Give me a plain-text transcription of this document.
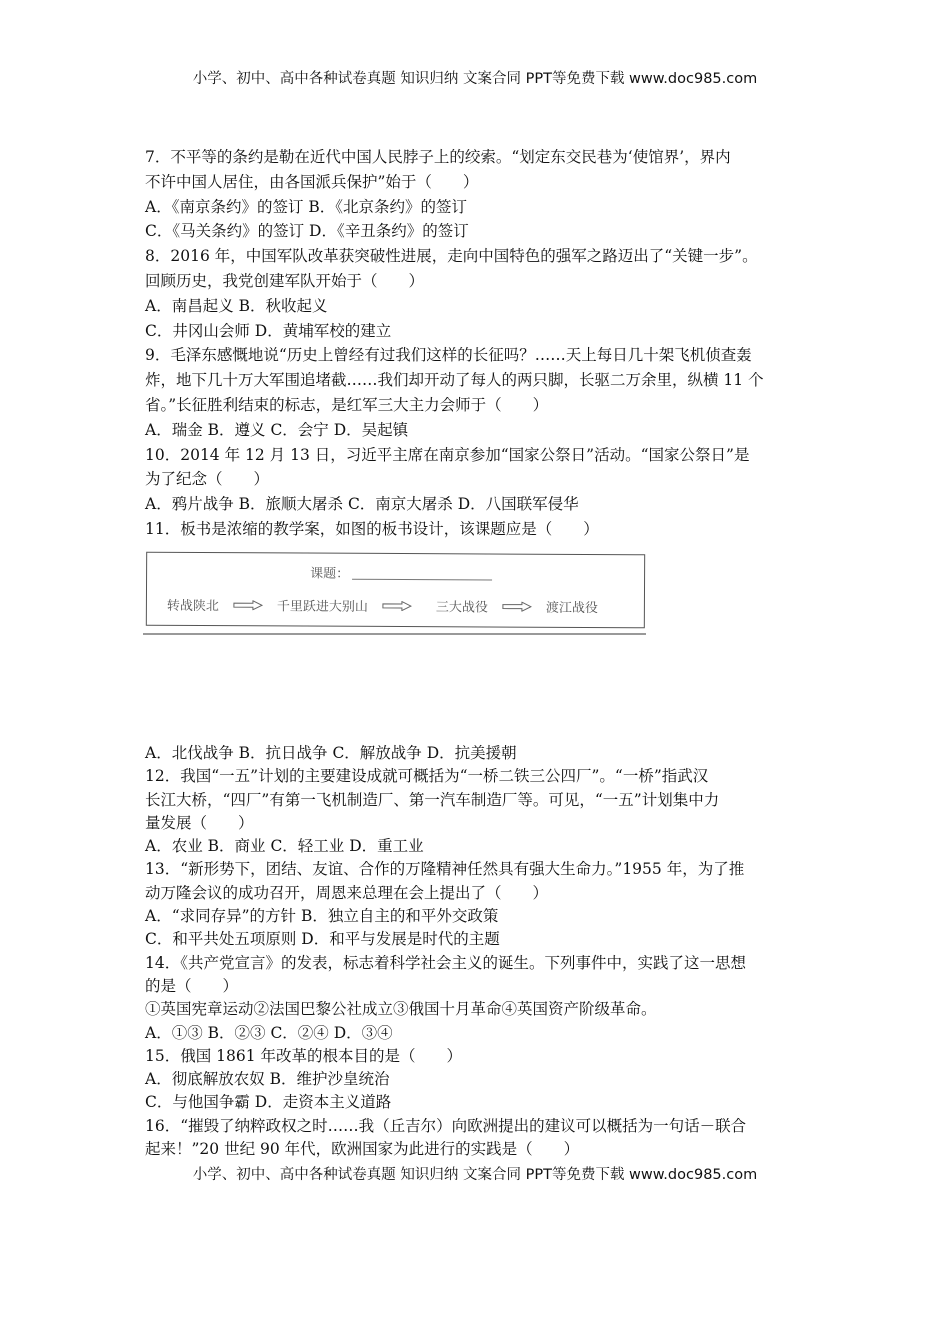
小学、初中、高中各种试卷真题 知识归纳 文案合同 PPT等免费下载 www.doc985.com
7．不平等的条约是勒在近代中国人民脖子上的绞索。“划定东交民巷为‘使馆界’，界内
不许中国人居住，由各国派兵保护”始于（　　）
A．《南京条约》的签订 B．《北京条约》的签订
C．《马关条约》的签订 D．《辛丑条约》的签订
8．2016 年，中国军队改革获突破性进展，走向中国特色的强军之路迈出了“关键一步”。
回顾历史，我党创建军队开始于（　　）
A．南昌起义 B．秋收起义
C．井冈山会师 D．黄埔军校的建立
9．毛泽东感慨地说“历史上曾经有过我们这样的长征吗？……天上每日几十架飞机侦查轰
炸，地下几十万大军围追堵截……我们却开动了每人的两只脚，长驱二万余里，纵横 11 个
省。”长征胜利结束的标志，是红军三大主力会师于（　　）
A．瑞金 B．遵义 C．会宁 D．吴起镇
10．2014 年 12 月 13 日，习近平主席在南京参加“国家公祭日”活动。“国家公祭日”是
为了纪念（　　）
A．鸦片战争 B．旅顺大屠杀 C．南京大屠杀 D．八国联军侵华
11．板书是浓缩的教学案，如图的板书设计，该课题应是（　　）
课题：
转战陕北	千里跃进大别山	三大战役	渡江战役
A．北伐战争 B．抗日战争 C．解放战争 D．抗美援朝
12．我国“一五”计划的主要建设成就可概括为“一桥二铁三公四厂”。“一桥”指武汉
长江大桥，“四厂”有第一飞机制造厂、第一汽车制造厂等。可见，“一五”计划集中力
量发展（　　）
A．农业 B．商业 C．轻工业 D．重工业
13．“新形势下，团结、友谊、合作的万隆精神任然具有强大生命力。”1955 年，为了推
动万隆会议的成功召开，周恩来总理在会上提出了（　　）
A．“求同存异”的方针 B．独立自主的和平外交政策
C．和平共处五项原则 D．和平与发展是时代的主题
14．《共产党宣言》的发表，标志着科学社会主义的诞生。下列事件中，实践了这一思想
的是（　　）
①英国宪章运动②法国巴黎公社成立③俄国十月革命④英国资产阶级革命。
A．①③ B．②③ C．②④ D．③④
15．俄国 1861 年改革的根本目的是（　　）
A．彻底解放农奴 B．维护沙皇统治
C．与他国争霸 D．走资本主义道路
16．“摧毁了纳粹政权之时……我（丘吉尔）向欧洲提出的建议可以概括为一句话－联合
起来！”20 世纪 90 年代，欧洲国家为此进行的实践是（　　）
小学、初中、高中各种试卷真题 知识归纳 文案合同 PPT等免费下载 www.doc985.com
